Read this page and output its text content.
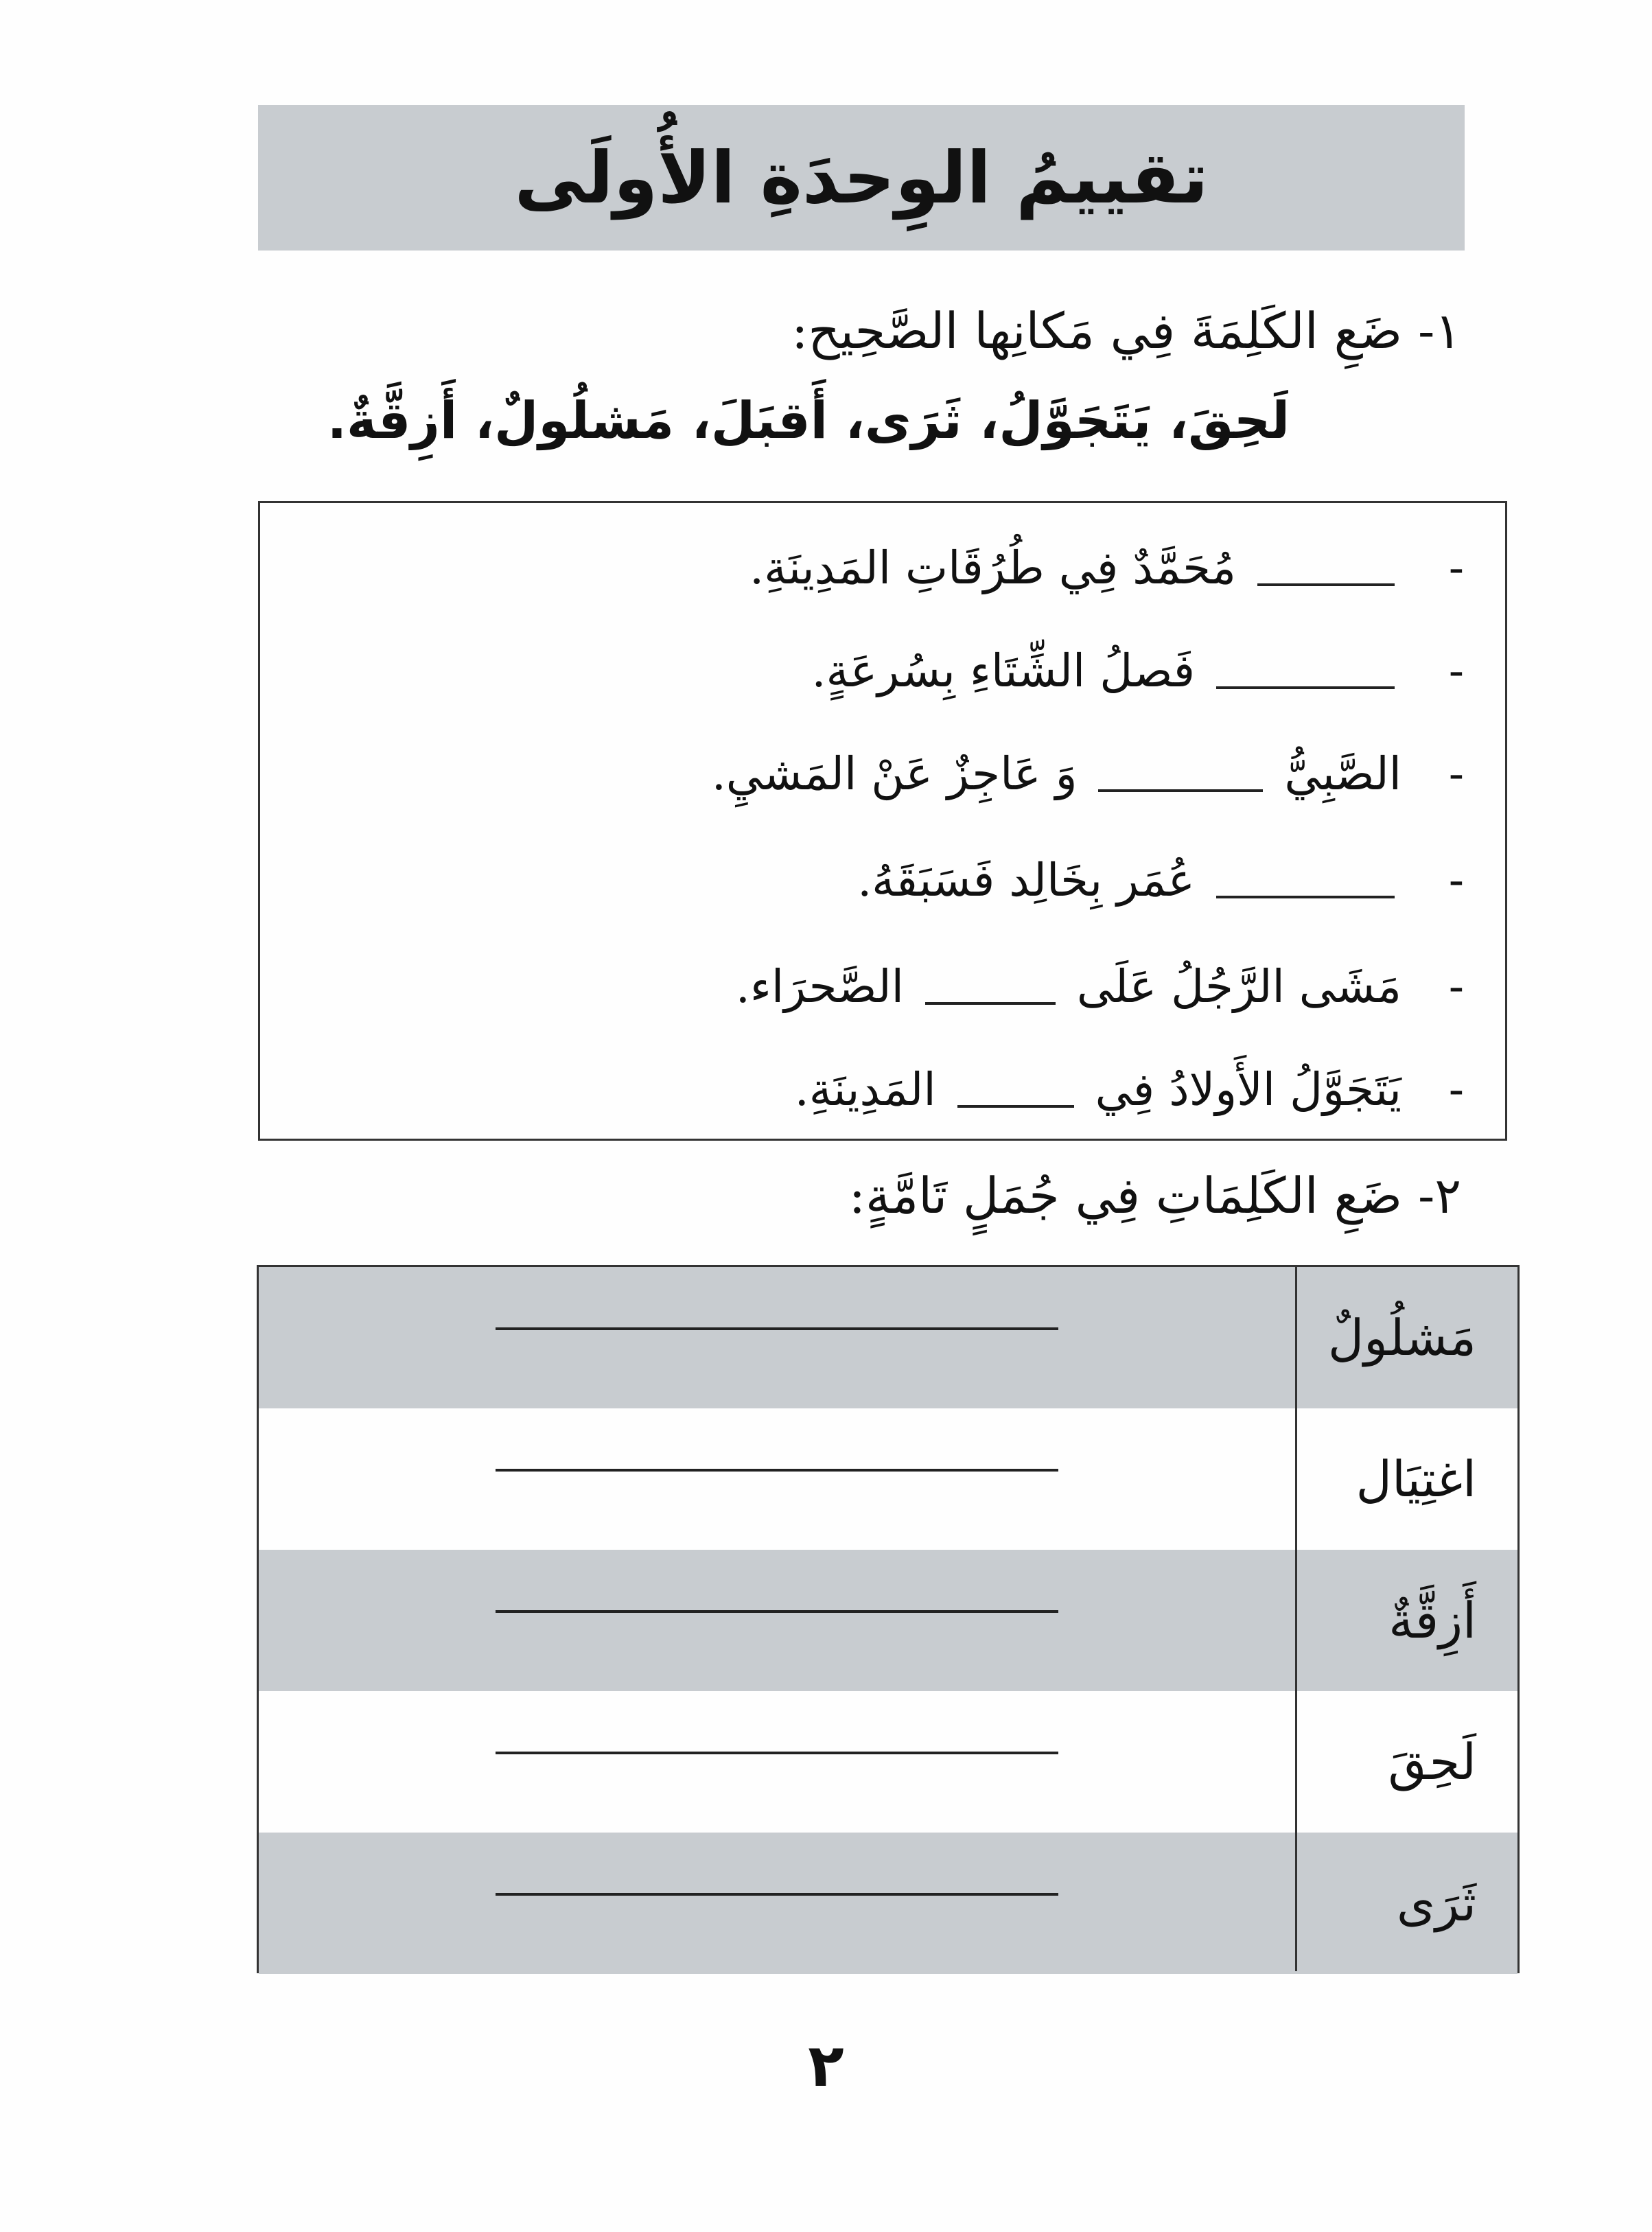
تقييمُ الوِحدَةِ الأُولَى
١- ضَعِ الكَلِمَةَ فِي مَكانِها الصَّحِيح:
لَحِقَ، يَتَجَوَّلُ، ثَرَى، أَقبَلَ، مَشلُولٌ، أَزِقَّةٌ.
-  مُحَمَّدٌ فِي طُرُقَاتِ المَدِينَةِ.
-  فَصلُ الشِّتَاءِ بِسُرعَةٍ.
- الصَّبِيُّ  وَ عَاجِزٌ عَنْ المَشيِ.
-  عُمَر بِخَالِد فَسَبَقَهُ.
- مَشَى الرَّجُلُ عَلَى  الصَّحرَاء.
- يَتَجَوَّلُ الأَولادُ فِي  المَدِينَةِ.
٢- ضَعِ الكَلِمَاتِ فِي جُمَلٍ تَامَّةٍ:
مَشلُولٌ
اغتِيَال
أَزِقَّةٌ
لَحِقَ
ثَرَى
٢
